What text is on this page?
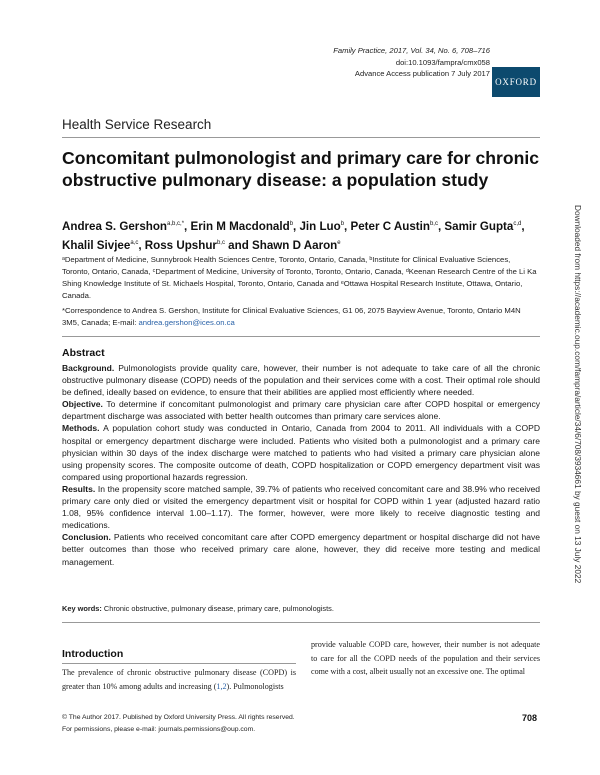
Family Practice, 2017, Vol. 34, No. 6, 708–716
doi:10.1093/fampra/cmx058
Advance Access publication 7 July 2017
OXFORD
Health Service Research
Concomitant pulmonologist and primary care for chronic obstructive pulmonary disease: a population study
Andrea S. Gershon$^{a,b,c,*}$, Erin M Macdonald$^b$, Jin Luo$^b$, Peter C Austin$^{b,c}$, Samir Gupta$^{c,d}$, Khalil Sivjee$^{a,c}$, Ross Upshur$^{b,c}$ and Shawn D Aaron$^e$
ᵃDepartment of Medicine, Sunnybrook Health Sciences Centre, Toronto, Ontario, Canada, ᵇInstitute for Clinical Evaluative Sciences, Toronto, Ontario, Canada, ᶜDepartment of Medicine, University of Toronto, Toronto, Ontario, Canada, ᵈKeenan Research Centre of the Li Ka Shing Knowledge Institute of St. Michaels Hospital, Toronto, Ontario, Canada and ᵉOttawa Hospital Research Institute, Ottawa, Ontario, Canada.
*Correspondence to Andrea S. Gershon, Institute for Clinical Evaluative Sciences, G1 06, 2075 Bayview Avenue, Toronto, Ontario M4N 3M5, Canada; E-mail: andrea.gershon@ices.on.ca
Abstract

Background. Pulmonologists provide quality care, however, their number is not adequate to take care of all the chronic obstructive pulmonary disease (COPD) needs of the population and their services come with a cost. Their optimal role should be defined, ideally based on evidence, to ensure that their abilities are applied most efficiently where needed.

Objective. To determine if concomitant pulmonologist and primary care physician care after COPD hospital or emergency department discharge was associated with better health outcomes than primary care services alone.

Methods. A population cohort study was conducted in Ontario, Canada from 2004 to 2011. All individuals with a COPD hospital or emergency department discharge were included. Patients who visited both a pulmonologist and a primary care physician within 30 days of the index discharge were matched to patients who had visited a primary care physician alone using propensity scores. The composite outcome of death, COPD hospitalization or COPD emergency department visit was compared using proportional hazards regression.

Results. In the propensity score matched sample, 39.7% of patients who received concomitant care and 38.9% who received primary care only died or visited the emergency department visit or hospital for COPD within 1 year (adjusted hazard ratio 1.08, 95% confidence interval 1.00–1.17). The former, however, were more likely to receive diagnostic testing and medications.

Conclusion. Patients who received concomitant care after COPD emergency department or hospital discharge did not have better outcomes than those who received primary care alone, however, they did receive more testing and medical management.

Key words: Chronic obstructive, pulmonary disease, primary care, pulmonologists.
Introduction
The prevalence of chronic obstructive pulmonary disease (COPD) is greater than 10% among adults and increasing (1,2). Pulmonologists
provide valuable COPD care, however, their number is not adequate to care for all the COPD needs of the population and their services come with a cost, albeit usually not an excessive one. The optimal
© The Author 2017. Published by Oxford University Press. All rights reserved.
For permissions, please e-mail: journals.permissions@oup.com.
708
Downloaded from https://academic.oup.com/fampra/article/34/6/708/3934661 by guest on 13 July 2022
